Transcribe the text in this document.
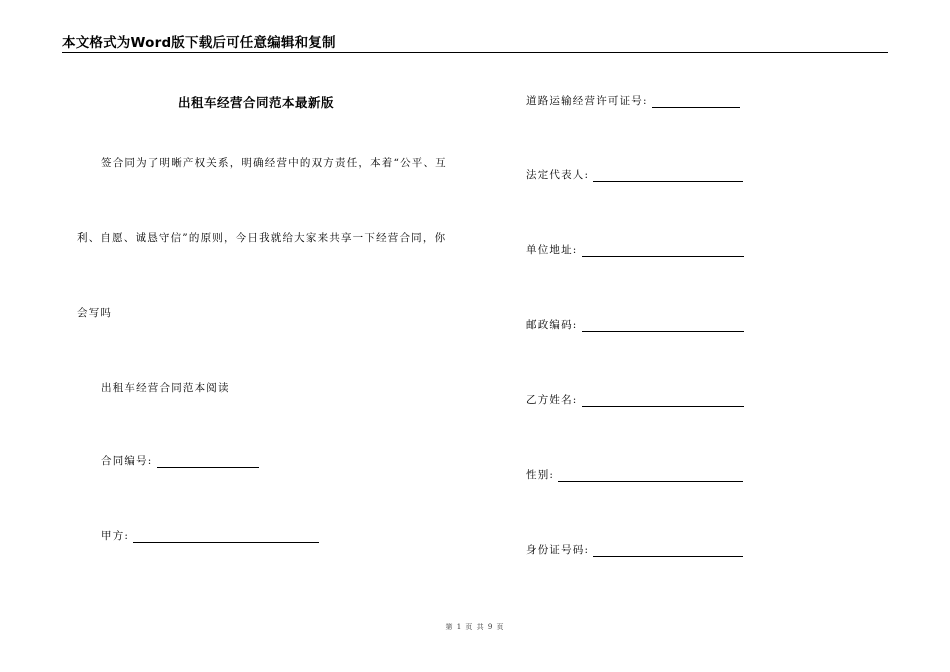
本文格式为Word版下载后可任意编辑和复制
出租车经营合同范本最新版
签合同为了明晰产权关系，明确经营中的双方责任，本着“公平、互
利、自愿、诚恳守信”的原则，今日我就给大家来共享一下经营合同，你
会写吗
出租车经营合同范本阅读
合同编号:
甲方:
道路运输经营许可证号:
法定代表人:
单位地址:
邮政编码:
乙方姓名:
性别:
身份证号码:
第 1 页 共 9 页
